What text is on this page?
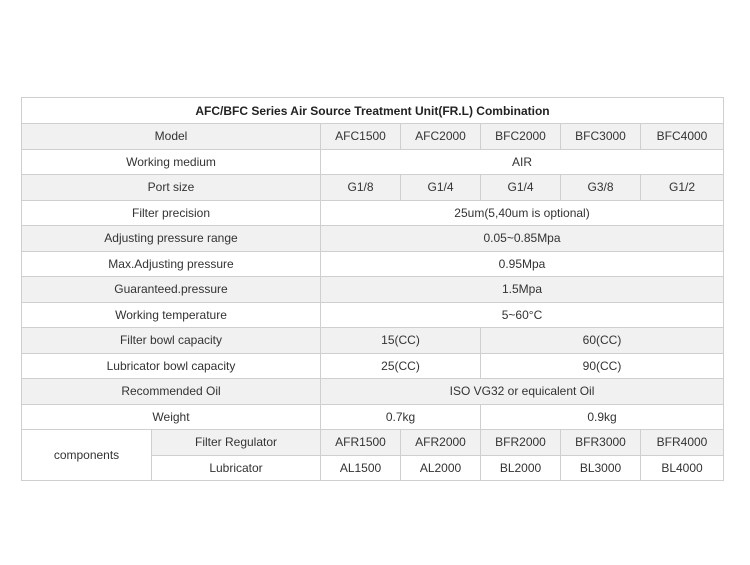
AFC/BFC Series Air Source Treatment Unit(FR.L) Combination						
Model		AFC1500	AFC2000	BFC2000	BFC3000	BFC4000
Working medium		AIR				
Port size		G1/8	G1/4	G1/4	G3/8	G1/2
Filter precision		25um(5,40um is optional)				
Adjusting pressure range		0.05~0.85Mpa				
Max.Adjusting pressure		0.95Mpa				
Guaranteed.pressure		1.5Mpa				
Working temperature		5~60°C				
Filter bowl capacity		15(CC)		60(CC)		
Lubricator bowl capacity		25(CC)		90(CC)		
Recommended Oil		ISO VG32 or equicalent Oil				
Weight		0.7kg		0.9kg		
components	Filter Regulator	AFR1500	AFR2000	BFR2000	BFR3000	BFR4000
	Lubricator	AL1500	AL2000	BL2000	BL3000	BL4000
